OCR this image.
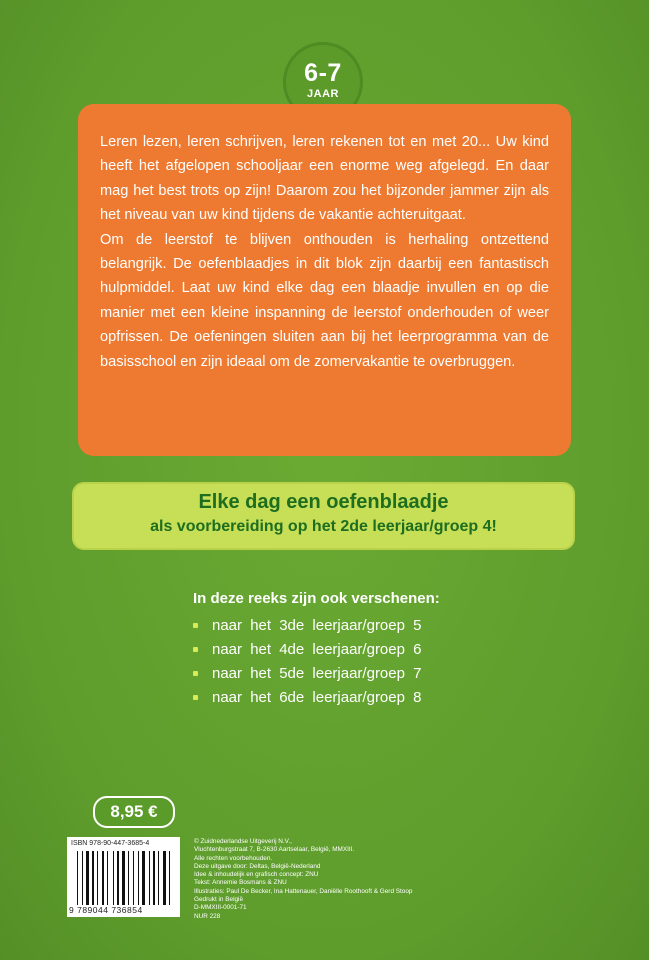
6-7
JAAR

Leren lezen, leren schrijven, leren rekenen tot en met 20... Uw kind heeft het afgelopen schooljaar een enorme weg afgelegd. En daar mag het best trots op zijn! Daarom zou het bijzonder jammer zijn als het niveau van uw kind tijdens de vakantie achteruitgaat.

Om de leerstof te blijven onthouden is herhaling ontzettend belangrijk. De oefenblaadjes in dit blok zijn daarbij een fantastisch hulpmiddel. Laat uw kind elke dag een blaadje invullen en op die manier met een kleine inspanning de leerstof onderhouden of weer opfrissen. De oefeningen sluiten aan bij het leerprogramma van de basisschool en zijn ideaal om de zomervakantie te overbruggen.

Elke dag een oefenblaadje
als voorbereiding op het 2de leerjaar/groep 4!
In deze reeks zijn ook verschenen:
naar het 3de leerjaar/groep 5
naar het 4de leerjaar/groep 6
naar het 5de leerjaar/groep 7
naar het 6de leerjaar/groep 8
8,95 €
ISBN 978-90-447-3685-4
9 789044 736854
© Zuidnederlandse Uitgeverij N.V.,
Vluchtenburgstraat 7, B-2630 Aartselaar, België, MMXIII.
Alle rechten voorbehouden.
Deze uitgave door: Deltas, België-Nederland
Idee & inhoudelijk en grafisch concept: ZNU
Tekst: Annemie Bosmans & ZNU
Illustraties: Paul De Becker, Ina Hattenauer, Daniëlle Roothooft & Gerd Stoop
Gedrukt in België
D-MMXIII-0001-71
NUR 228
